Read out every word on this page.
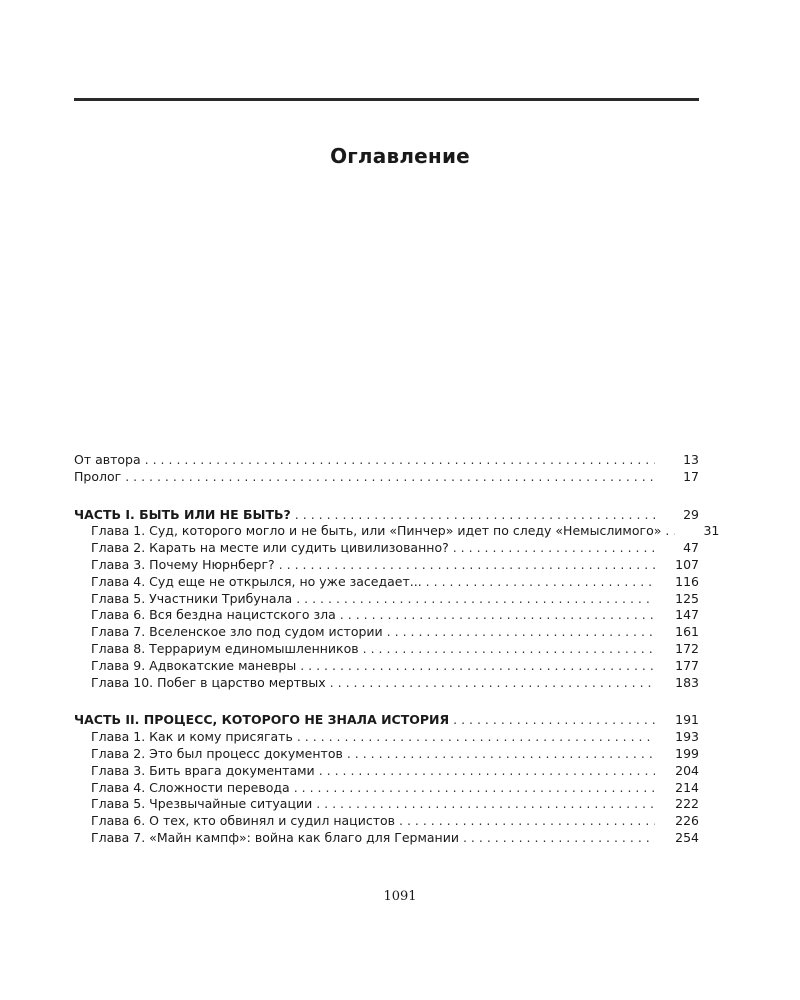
Оглавление
От автора . . .	13
Пролог . . .	17
ЧАСТЬ I. БЫТЬ ИЛИ НЕ БЫТЬ? . . .	29
Глава 1. Суд, которого могло и не быть, или «Пинчер» идет по следу «Немыслимого» . . .	31
Глава 2. Карать на месте или судить цивилизованно? . . .	47
Глава 3. Почему Нюрнберг? . . .	107
Глава 4. Суд еще не открылся, но уже заседает... . . .	116
Глава 5. Участники Трибунала . . .	125
Глава 6. Вся бездна нацистского зла . . .	147
Глава 7. Вселенское зло под судом истории . . .	161
Глава 8. Террариум единомышленников . . .	172
Глава 9. Адвокатские маневры . . .	177
Глава 10. Побег в царство мертвых . . .	183
ЧАСТЬ II. ПРОЦЕСС, КОТОРОГО НЕ ЗНАЛА ИСТОРИЯ . . .	191
Глава 1. Как и кому присягать . . .	193
Глава 2. Это был процесс документов . . .	199
Глава 3. Бить врага документами . . .	204
Глава 4. Сложности перевода . . .	214
Глава 5. Чрезвычайные ситуации . . .	222
Глава 6. О тех, кто обвинял и судил нацистов . . .	226
Глава 7. «Майн кампф»: война как благо для Германии . . .	254
1091
